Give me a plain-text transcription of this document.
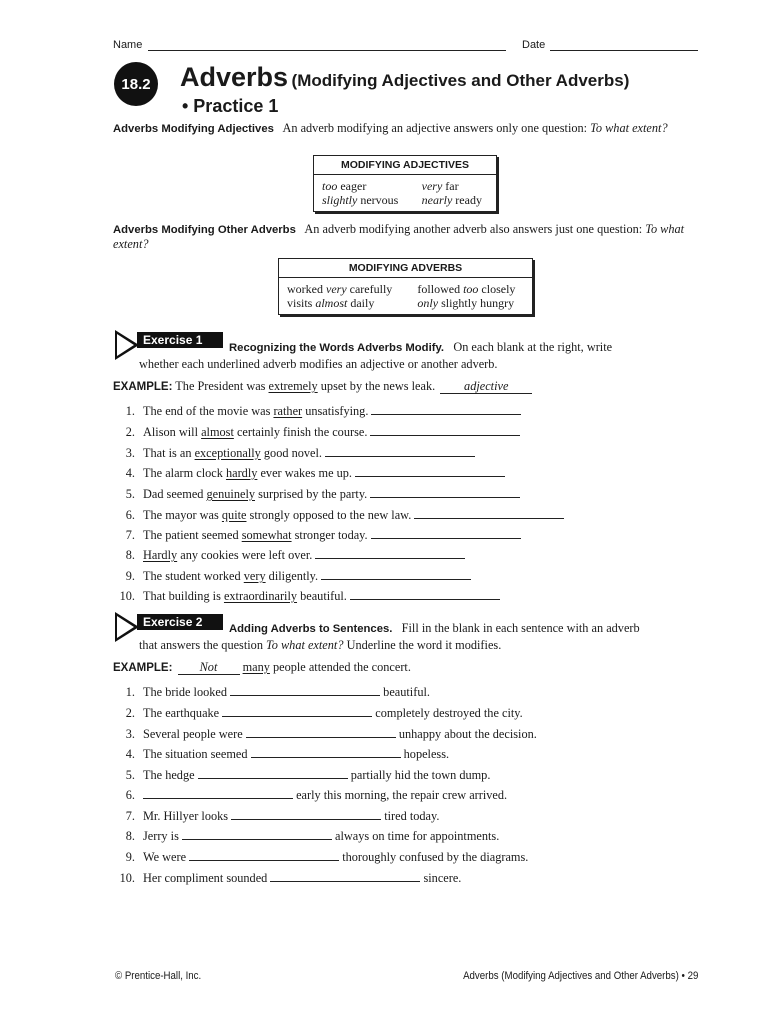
Name	Date
18.2 Adverbs (Modifying Adjectives and Other Adverbs)
• Practice 1
Adverbs Modifying Adjectives An adverb modifying an adjective answers only one question: To what extent?
MODIFYING ADJECTIVES	
too eager	very far
slightly nervous	nearly ready
Adverbs Modifying Other Adverbs An adverb modifying another adverb also answers just one question: To what extent?
MODIFYING ADVERBS	
worked very carefully	followed too closely
visits almost daily	only slightly hungry
Exercise 1
Recognizing the Words Adverbs Modify. On each blank at the right, write
whether each underlined adverb modifies an adjective or another adverb.
EXAMPLE: The President was extremely upset by the news leak. adjective
1. The end of the movie was rather unsatisfying.
2. Alison will almost certainly finish the course.
3. That is an exceptionally good novel.
4. The alarm clock hardly ever wakes me up.
5. Dad seemed genuinely surprised by the party.
6. The mayor was quite strongly opposed to the new law.
7. The patient seemed somewhat stronger today.
8. Hardly any cookies were left over.
9. The student worked very diligently.
10. That building is extraordinarily beautiful.
Exercise 2	Adding Adverbs to Sentences. Fill in the blank in each sentence with an adverb
that answers the question To what extent? Underline the word it modifies.
EXAMPLE: Not many people attended the concert.
1. The bride looked	beautiful.
2. The earthquake	completely destroyed the city.
3. Several people were	unhappy about the decision.
4. The situation seemed	hopeless.
5. The hedge	partially hid the town dump.
6.	early this morning, the repair crew arrived.
7. Mr. Hillyer looks	tired today.
8. Jerry is	always on time for appointments.
9. We were	thoroughly confused by the diagrams.
10. Her compliment sounded	sincere.
© Prentice-Hall, Inc.	Adverbs (Modifying Adjectives and Other Adverbs) • 29
